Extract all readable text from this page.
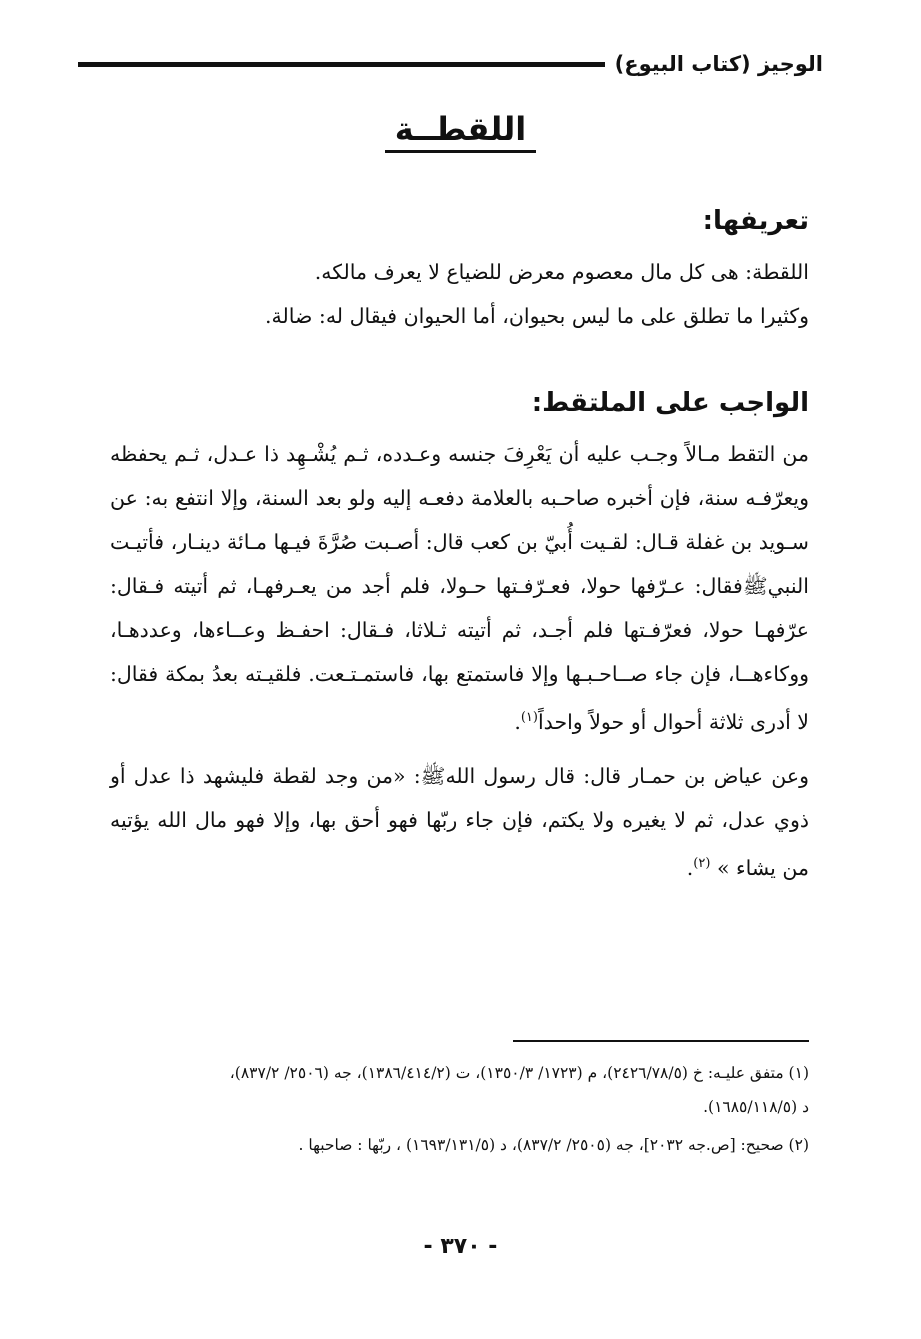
الوجيز (كتاب البيوع)
اللقطــة
تعريفها:

اللقطة: هى كل مال معصوم معرض للضياع لا يعرف مالكه.

وكثيرا ما تطلق على ما ليس بحيوان، أما الحيوان فيقال له: ضالة.

الواجب على الملتقط:

من التقط مـالاً وجـب عليه أن يَعْرِفَ جنسه وعـدده، ثـم يُشْـهِد ذا عـدل، ثـم يحفظه ويعرّفـه سنة، فإن أخبره صاحـبه بالعلامة دفعـه إليه ولو بعد السنة، وإلا انتفع به: عن سـويد بن غفلة قـال: لقـيت أُبيّ بن كعب قال: أصـبت صُرَّةَ فيـها مـائة دينـار، فأتيـت النبيﷺفقال: عـرّفها حولا، فعـرّفـتها حـولا، فلم أجد من يعـرفهـا، ثم أتيته فـقال: عرّفهـا حولا، فعرّفـتها فلم أجـد، ثم أتيته ثـلاثا، فـقال: احفـظ وعــاءها، وعددهـا، ووكاءهــا، فإن جاء صــاحـبـها وإلا فاستمتع بها، فاستمـتـعت. فلقيـته بعدُ بمكة فقال: لا أدرى ثلاثة أحوال أو حولاً واحداً$^{(١)}$.

وعن عياض بن حمـار قال: قال رسول اللهﷺ: «من وجد لقطة فليشهد ذا عدل أو ذوي عدل، ثم لا يغيره ولا يكتم، فإن جاء ربّها فهو أحق بها، وإلا فهو مال الله يؤتيه من يشاء » $^{(٢)}$.

(١) متفق عليـه: خ (٢٤٢٦/٧٨/٥)، م (١٧٢٣/ ١٣٥٠/٣)، ت (١٣٨٦/٤١٤/٢)، جه (٢٥٠٦/ ٨٣٧/٢)،
د (١٦٨٥/١١٨/٥).

(٢) صحيح: [ص.جه ٢٠٣٢]، جه (٢٥٠٥/ ٨٣٧/٢)، د (١٦٩٣/١٣١/٥) ، ربّها : صاحبها .

- ٣٧٠ -
